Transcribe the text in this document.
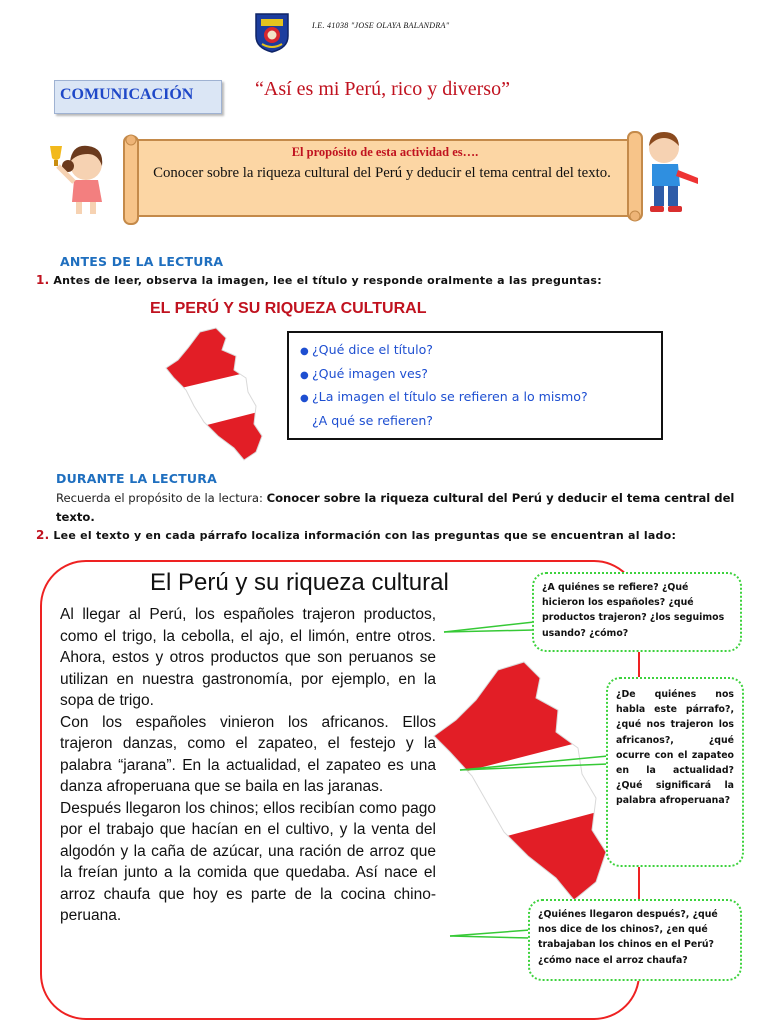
I.E. 41038 "JOSE OLAYA BALANDRA"
COMUNICACIÓN	“Así es mi Perú, rico y diverso”
El propósito de esta actividad es….
Conocer sobre la riqueza cultural del Perú y deducir el tema central del texto.
ANTES DE LA LECTURA
1. Antes de leer, observa la imagen, lee el título y responde oralmente a las preguntas:
EL PERÚ Y SU RIQUEZA CULTURAL
● ¿Qué dice el título?
● ¿Qué imagen ves?
● ¿La imagen el título se refieren a lo mismo?
¿A qué se refieren?
DURANTE LA LECTURA
Recuerda el propósito de la lectura: Conocer sobre la riqueza cultural del Perú y deducir el tema central del texto.
2. Lee el texto y en cada párrafo localiza información con las preguntas que se encuentran al lado:
El Perú y su riqueza cultural

Al llegar al Perú, los españoles trajeron productos, como el trigo, la cebolla, el ajo, el limón, entre otros. Ahora, estos y otros productos que son peruanos se utilizan en nuestra gastronomía, por ejemplo, en la sopa de trigo.

Con los españoles vinieron los africanos. Ellos trajeron danzas, como el zapateo, el festejo y la palabra “jarana”. En la actualidad, el zapateo es una danza afroperuana que se baila en las jaranas.

Después llegaron los chinos; ellos recibían como pago por el trabajo que hacían en el cultivo, y la venta del algodón y la caña de azúcar, una ración de arroz que la freían junto a la comida que quedaba. Así nace el arroz chaufa que hoy es parte de la cocina chino-peruana.

¿A quiénes se refiere? ¿Qué hicieron los españoles? ¿qué productos trajeron? ¿los seguimos usando? ¿cómo?
¿De quiénes nos habla este párrafo?, ¿qué nos trajeron los africanos?, ¿qué ocurre con el zapateo en la actualidad? ¿Qué significará la palabra afroperuana?
¿Quiénes llegaron después?, ¿qué nos dice de los chinos?, ¿en qué trabajaban los chinos en el Perú? ¿cómo nace el arroz chaufa?
